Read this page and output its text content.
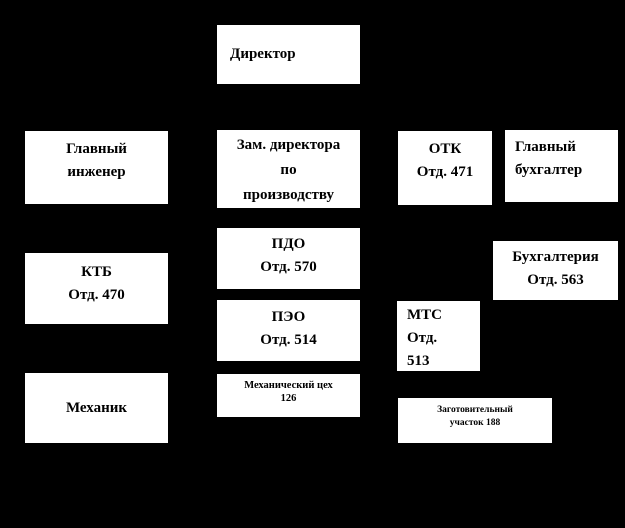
Директор
Главный
инженер
Зам. директора
по
производству
ОТК
Отд. 471
Главный
бухгалтер
КТБ
Отд. 470
ПДО
Отд. 570
ПЭО
Отд. 514
Бухгалтерия
Отд. 563
МТС
Отд.
513
Механик
Механический цех
126
Заготовительный
участок 188
